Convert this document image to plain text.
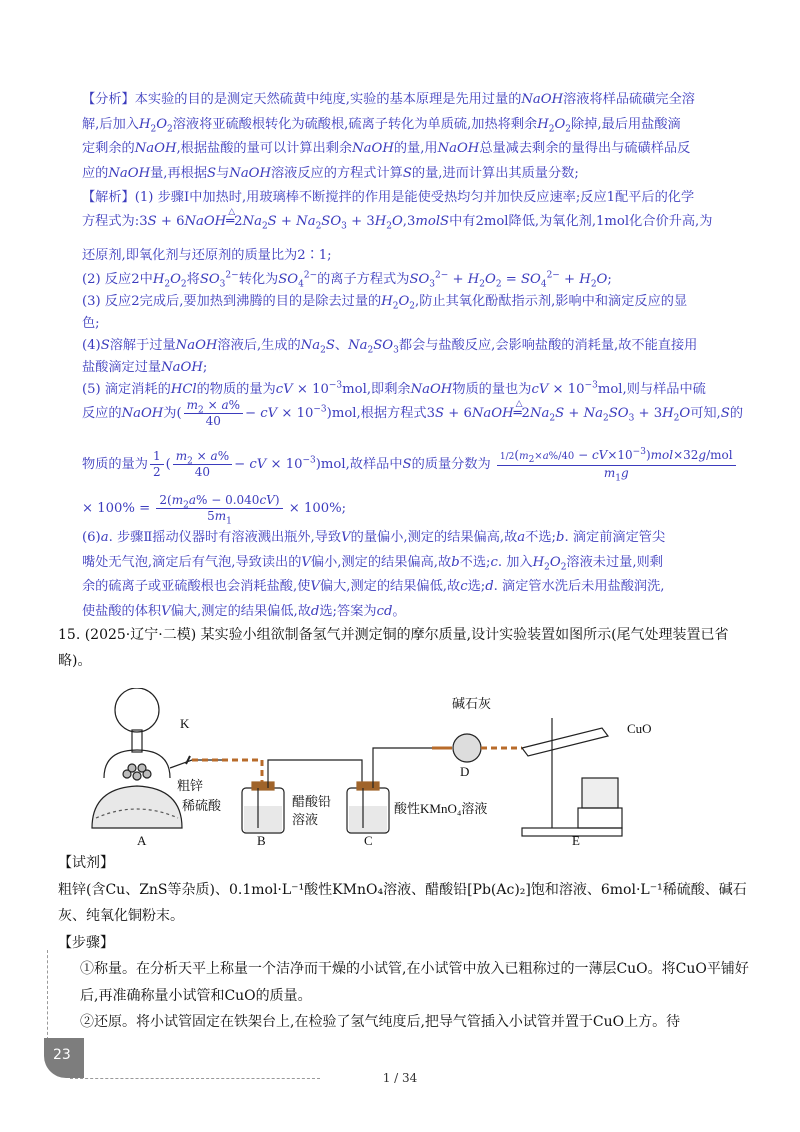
【分析】本实验的目的是测定天然硫黄中纯度,实验的基本原理是先用过量的NaOH溶液将样品硫磺完全溶
解,后加入$H_2O_2$溶液将亚硫酸根转化为硫酸根,硫离子转化为单质硫,加热将剩余$H_2O_2$除掉,最后用盐酸滴
定剩余的NaOH,根据盐酸的量可以计算出剩余NaOH的量,用NaOH总量减去剩余的量得出与硫磺样品反
应的NaOH量,再根据S与NaOH溶液反应的方程式计算S的量,进而计算出其质量分数;
【解析】(1) 步骤Ⅰ中加热时,用玻璃棒不断搅拌的作用是能使受热均匀并加快反应速率;反应1配平后的化学
方程式为:3S + 6NaOH
△
$═2Na_2S + Na_2SO_3$ + $3H_2O,3molS$中有2mol降低,为氧化剂,1mol化合价升高,为
还原剂,即氧化剂与还原剂的质量比为2∶1;
(2) 反应2中$H_2O_2$将$SO_3^{2-}$转化为$SO_4^{2-}$的离子方程式为$SO_3^{2-} + H_2O_2 = SO_4^{2-} + H_2O$;
(3) 反应2完成后,要加热到沸腾的目的是除去过量的$H_2O_2$,防止其氧化酚酞指示剂,影响中和滴定反应的显
色;
(4)S溶解于过量NaOH溶液后,生成的$Na_2S$、$Na_2SO_3$都会与盐酸反应,会影响盐酸的消耗量,故不能直接用
盐酸滴定过量NaOH;
(5) 滴定消耗的HCl的物质的量为cV × $10^{-3}mol$,即剩余NaOH物质的量也为cV × $10^{-3}mol$,则与样品中硫
反应的NaOH为( $\frac{m_2 \times a\%}{40}$ − cV × $10^{-3})mol$,根据方程式3S + 6NaOH
△
$═2Na_2S + Na_2SO_3 + 3H_2O$可知,S的
物质的量为 $\frac{1}{2}$ ( $\frac{m_2 \times a\%}{40}$ − cV × $10^{-3})mol$,故样品中S的质量分数为 $\frac{1/2(m_2\times a\%/40 - cV\times 10^{-3})mol\times 32g/mol}{m_1g}$
× $100\% = \frac{2(m_2a\% - 0.040cV)}{5m_1} \times 100\%$;
(6)a. 步骤Ⅱ摇动仪器时有溶液溅出瓶外,导致V的量偏小,测定的结果偏高,故a不选;b. 滴定前滴定管尖
嘴处无气泡,滴定后有气泡,导致读出的V偏小,测定的结果偏高,故b不选;c. 加入$H_2O_2$溶液未过量,则剩
余的硫离子或亚硫酸根也会消耗盐酸,使V偏大,测定的结果偏低,故c选;d. 滴定管水洗后未用盐酸润洗,
使盐酸的体积V偏大,测定的结果偏低,故d选;答案为cd。
15. (2025·辽宁·二模) 某实验小组欲制备氢气并测定铜的摩尔质量,设计实验装置如图所示(尾气处理装置已省略)。
K
粗锌
稀硫酸	醋酸铅
溶液
酸性KMnO₄溶液
碱石灰
CuO
A	B	C
D
E
【试剂】
粗锌(含Cu、ZnS等杂质)、0.1mol·L⁻¹酸性KMnO₄溶液、醋酸铅[Pb(Ac)₂]饱和溶液、6mol·L⁻¹稀硫酸、碱石灰、纯氧化铜粉末。
【步骤】
①称量。在分析天平上称量一个洁净而干燥的小试管,在小试管中放入已粗称过的一薄层CuO。将CuO平铺好后,再准确称量小试管和CuO的质量。
②还原。将小试管固定在铁架台上,在检验了氢气纯度后,把导气管插入小试管并置于CuO上方。待
23
1 / 34
